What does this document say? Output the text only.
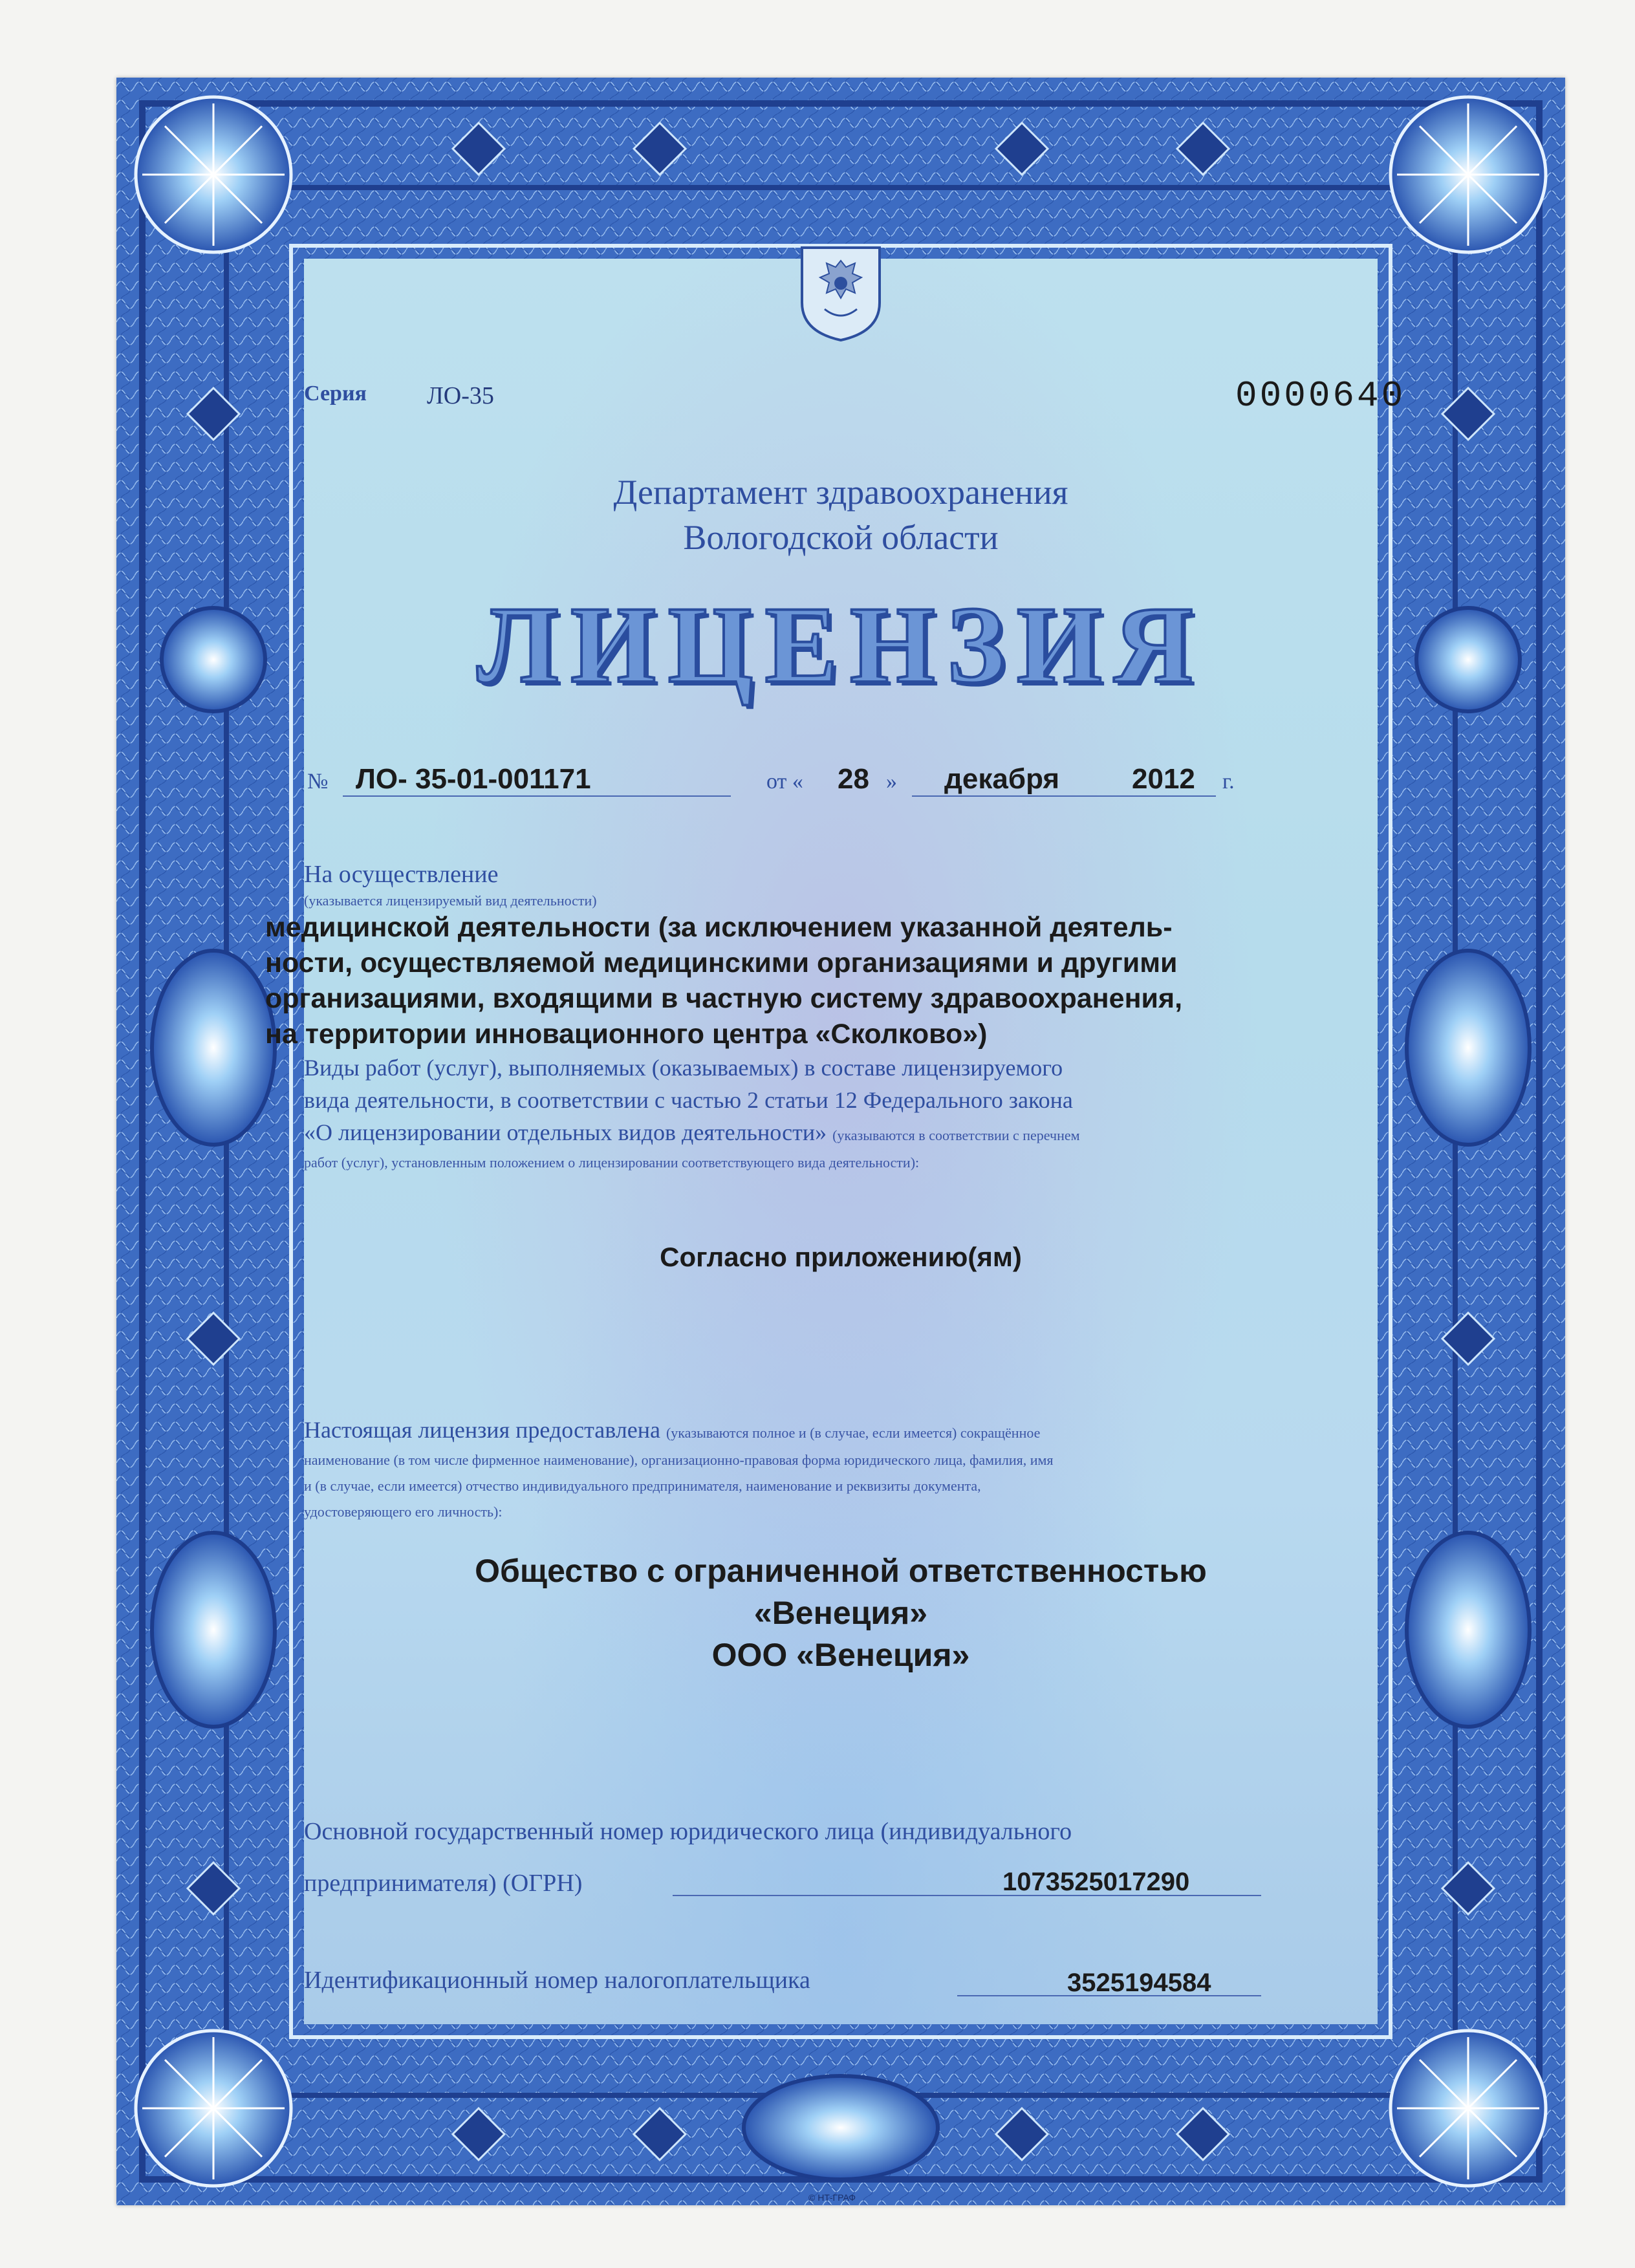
Серия ЛО-35	0000640
Департамент здравоохранения
Вологодской области
ЛИЦЕНЗИЯ
№ ЛО- 35-01-001171	от « 28 » декабря	2012 г.
На осуществление
(указывается лицензируемый вид деятельности)
медицинской деятельности (за исключением указанной деятель-
ности, осуществляемой медицинскими организациями и другими
организациями, входящими в частную систему здравоохранения,
на территории инновационного центра «Сколково»)
Виды работ (услуг), выполняемых (оказываемых) в составе лицензируемого
вида деятельности, в соответствии с частью 2 статьи 12 Федерального закона
«О лицензировании отдельных видов деятельности» (указываются в соответствии с перечнем
работ (услуг), установленным положением о лицензировании соответствующего вида деятельности):
Согласно приложению(ям)
Настоящая лицензия предоставлена (указываются полное и (в случае, если имеется) сокращённое
наименование (в том числе фирменное наименование), организационно-правовая форма юридического лица, фамилия, имя
и (в случае, если имеется) отчество индивидуального предпринимателя, наименование и реквизиты документа,
удостоверяющего его личность):
Общество с ограниченной ответственностью
«Венеция»
ООО «Венеция»
Основной государственный номер юридического лица (индивидуального
предпринимателя) (ОГРН)	1073525017290
Идентификационный номер налогоплательщика	3525194584
© НТ-ГРАФ
